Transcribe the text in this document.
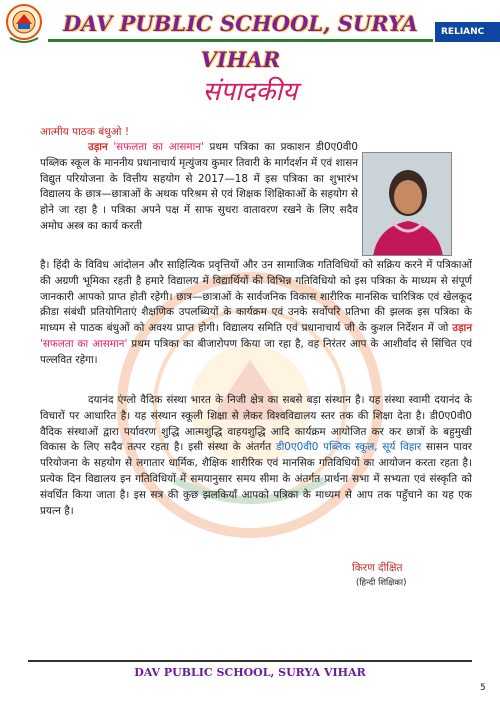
DAV PUBLIC SCHOOL, SURYA VIHAR
RELIANC
संपादकीय
आत्मीय पाठक बंधुओ !
उड़ान 'सफलता का आसमान' प्रथम पत्रिका का प्रकाशन डी0ए0वी0 पब्लिक स्कूल के माननीय प्रधानाचार्य मृत्युंजय कुमार तिवारी के मार्गदर्शन में एवं शासन विद्युत परियोजना के वित्तीय सहयोग से 2017—18 में इस पत्रिका का शुभारंभ विद्यालय के छात्र—छात्राओं के अथक परिश्रम से एवं शिक्षक शिक्षिकाओं के सहयोग से होने जा रहा है । पत्रिका अपने पक्ष में साफ सुथरा वातावरण रखने के लिए सदैव अमोघ अस्त्र का कार्य करती
है। हिंदी के विविध आंदोलन और साहित्यिक प्रवृत्तियों और उन सामाजिक गतिविधियों को सक्रिय करने में पत्रिकाओं की अग्रणी भूमिका रहती है हमारे विद्यालय में विद्यार्थियों की विभिन्न गतिविधियो को इस पत्रिका के माध्यम से संपूर्ण जानकारी आपको प्राप्त होती रहेगी। छात्र—छात्राओं के सार्वजनिक विकास शारीरिक मानसिक चारित्रिक एवं खेलकूद क्रीडा संबंधी प्रतियोगिताएं शैक्षणिक उपलब्धियों के कार्यक्रम एवं उनके सर्वोपरि प्रतिभा की झलक इस पत्रिका के माध्यम से पाठक बंधुओं को अवश्य प्राप्त होगी। विद्यालय समिति एवं प्रधानाचार्य जी के कुशल निर्देशन में जो उड़ान 'सफलता का आसमान' प्रथम पत्रिका का बीजारोपण किया जा रहा है, वह निरंतर आप के आशीर्वाद से सिंचित एवं पल्लवित रहेगा।
दयानंद एंग्लो वैदिक संस्था भारत के निजी क्षेत्र का सबसे बड़ा संस्थान है। यह संस्था स्वामी दयानंद के विचारों पर आधारित है। यह संस्थान स्कूली शिक्षा से लेकर विश्वविद्यालय स्तर तक की शिक्षा देता है। डी0ए0वी0 वैदिक संस्थाओं द्वारा पर्यावरण शुद्धि आत्मशुद्धि वाहयशुद्धि आदि कार्यक्रम आयोजित कर कर छात्रों के बहुमुखी विकास के लिए सदैव तत्पर रहता है। इसी संस्था के अंतर्गत डी0ए0वी0 पब्लिक स्कूल, सूर्य विहार सासन पावर परियोजना के सहयोग से लगातार धार्मिक, शैक्षिक शारीरिक एवं मानसिक गतिविधियों का आयोजन करता रहता है। प्रत्येक दिन विद्यालय इन गतिविधियों में समयानुसार समय सीमा के अंतर्गत प्रार्थना सभा में सभ्यता एवं संस्कृति को संवर्धित किया जाता है। इस सत्र की कुछ झलकियाँ आपको पत्रिका के माध्यम से आप तक पहुँचाने का यह एक प्रयत्न है।
किरण दीक्षित
(हिन्दी शिक्षिका)
DAV PUBLIC SCHOOL, SURYA VIHAR
5
